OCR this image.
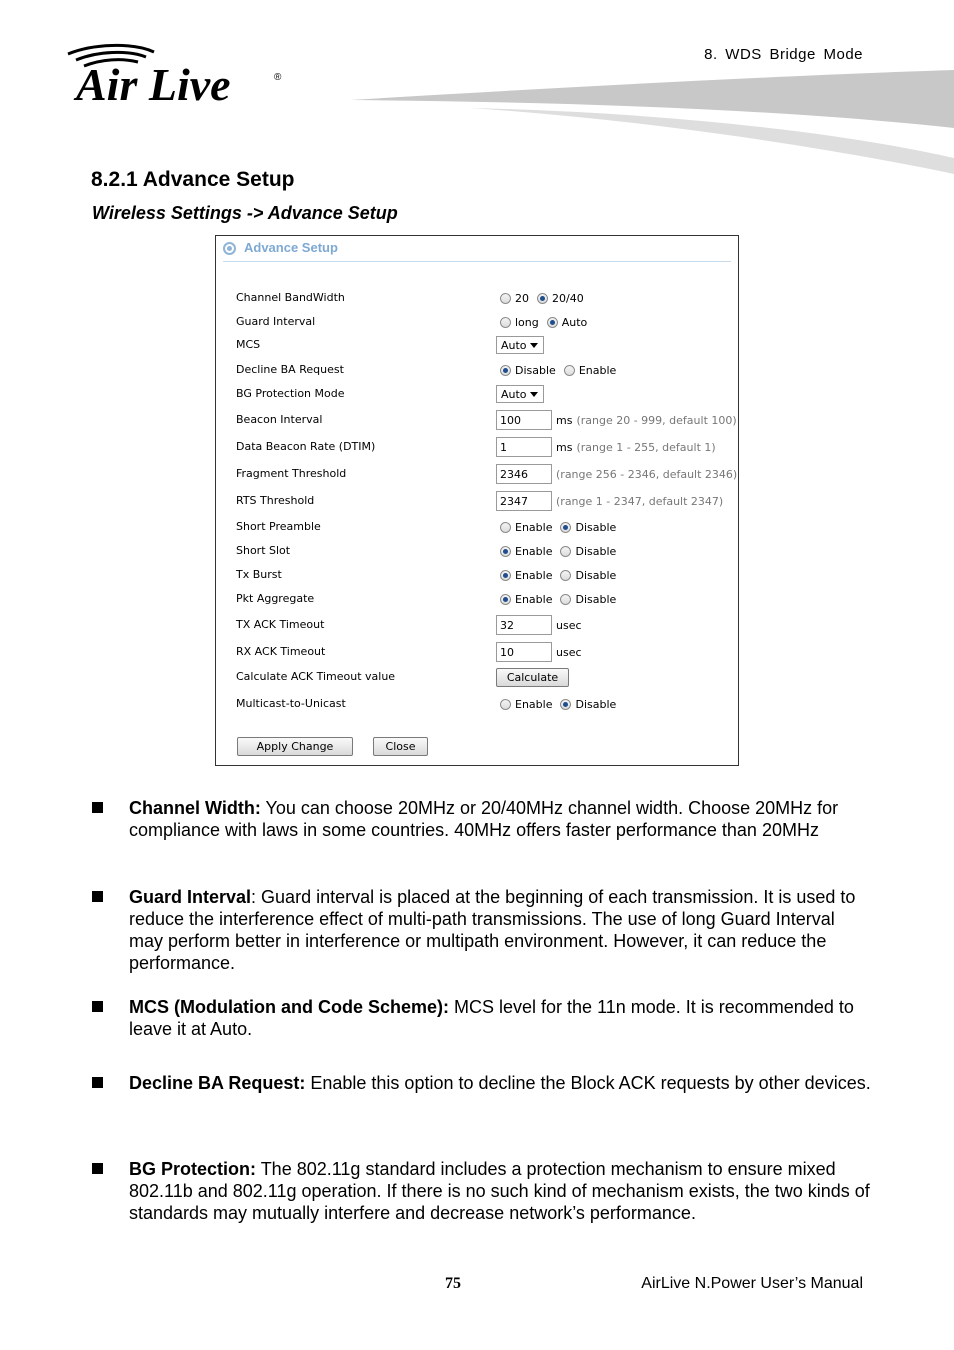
Air Live	®
8. WDS Bridge Mode
8.2.1 Advance Setup
Wireless Settings -> Advance Setup
Advance Setup
Channel BandWidth	20 20/40
Guard Interval	long Auto
MCS	Auto
Decline BA Request	Disable Enable
BG Protection Mode	Auto
Beacon Interval	100	ms (range 20 - 999, default 100)
Data Beacon Rate (DTIM)	1	ms (range 1 - 255, default 1)
Fragment Threshold	2346	(range 256 - 2346, default 2346)
RTS Threshold	2347	(range 1 - 2347, default 2347)
Short Preamble	Enable Disable
Short Slot	Enable Disable
Tx Burst	Enable Disable
Pkt Aggregate	Enable Disable
TX ACK Timeout	32	usec
RX ACK Timeout	10	usec
Calculate ACK Timeout value	Calculate
Multicast-to-Unicast	Enable Disable
Apply Change	Close
Channel Width: You can choose 20MHz or 20/40MHz channel width. Choose 20MHz for compliance with laws in some countries. 40MHz offers faster performance than 20MHz
Guard Interval: Guard interval is placed at the beginning of each transmission. It is used to reduce the interference effect of multi-path transmissions. The use of long Guard Interval may perform better in interference or multipath environment. However, it can reduce the performance.
MCS (Modulation and Code Scheme): MCS level for the 11n mode. It is recommended to leave it at Auto.
Decline BA Request: Enable this option to decline the Block ACK requests by other devices.
BG Protection: The 802.11g standard includes a protection mechanism to ensure mixed 802.11b and 802.11g operation. If there is no such kind of mechanism exists, the two kinds of standards may mutually interfere and decrease network’s performance.
75	AirLive N.Power User’s Manual
